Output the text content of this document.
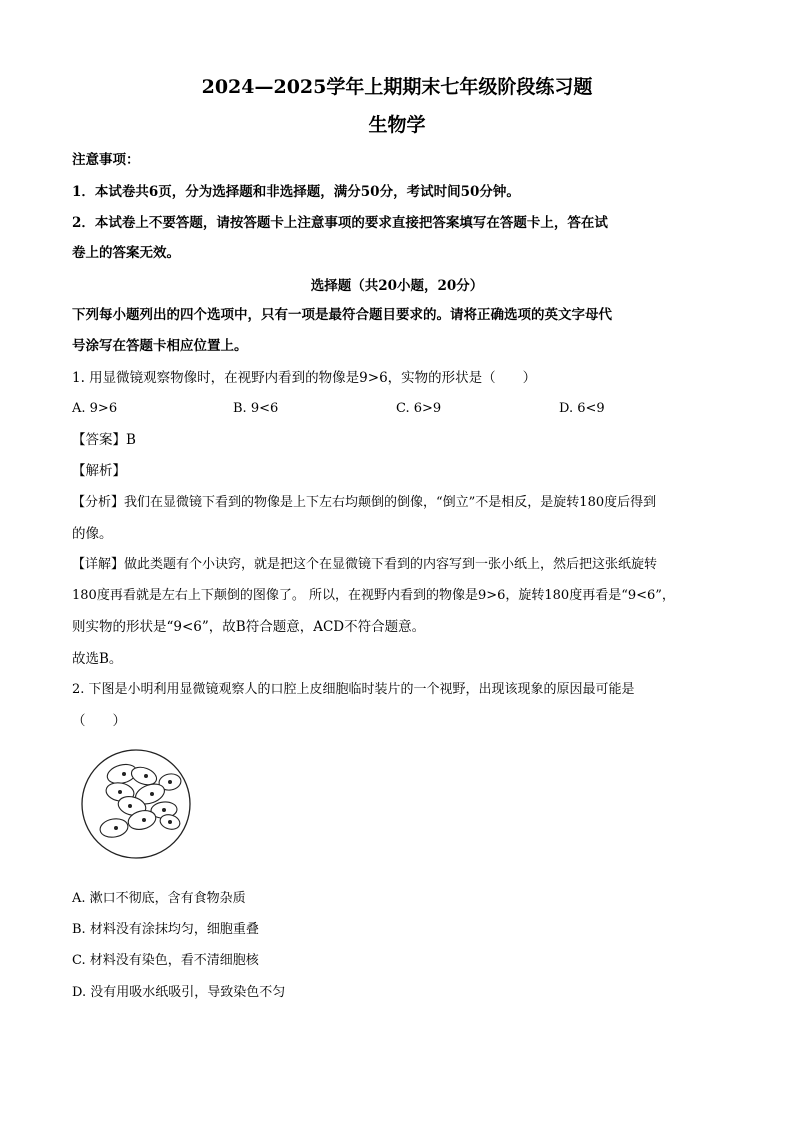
2024—2025学年上期期末七年级阶段练习题
生物学
注意事项：
1．本试卷共6页，分为选择题和非选择题，满分50分，考试时间50分钟。
2．本试卷上不要答题，请按答题卡上注意事项的要求直接把答案填写在答题卡上，答在试
卷上的答案无效。
选择题（共20小题，20分）
下列每小题列出的四个选项中，只有一项是最符合题目要求的。请将正确选项的英文字母代
号涂写在答题卡相应位置上。
1. 用显微镜观察物像时，在视野内看到的物像是9>6，实物的形状是（　　）
A. 9>6	B. 9<6	C. 6>9	D. 6<9
【答案】B
【解析】
【分析】我们在显微镜下看到的物像是上下左右均颠倒的倒像，“倒立”不是相反，是旋转180度后得到
的像。
【详解】做此类题有个小诀窍，就是把这个在显微镜下看到的内容写到一张小纸上，然后把这张纸旋转
180度再看就是左右上下颠倒的图像了。 所以，在视野内看到的物像是9>6，旋转180度再看是“9<6”，
则实物的形状是“9<6”，故B符合题意，ACD不符合题意。
故选B。
2. 下图是小明利用显微镜观察人的口腔上皮细胞临时装片的一个视野，出现该现象的原因最可能是
（　　）
A. 漱口不彻底，含有食物杂质
B. 材料没有涂抹均匀，细胞重叠
C. 材料没有染色，看不清细胞核
D. 没有用吸水纸吸引，导致染色不匀
